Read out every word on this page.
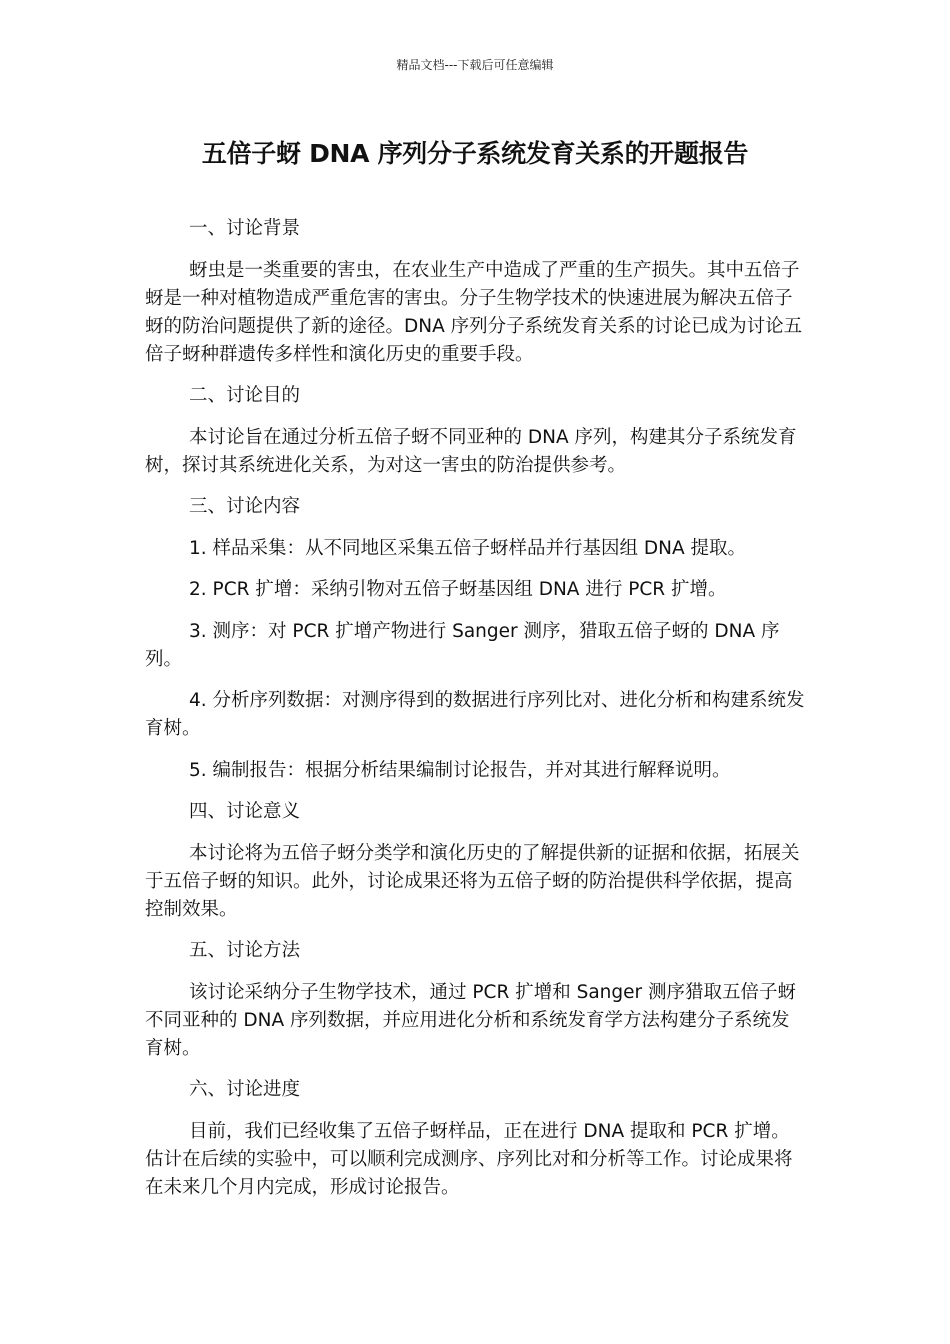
精品文档---下载后可任意编辑
五倍子蚜 DNA 序列分子系统发育关系的开题报告

一、讨论背景

蚜虫是一类重要的害虫，在农业生产中造成了严重的生产损失。其中五倍子蚜是一种对植物造成严重危害的害虫。分子生物学技术的快速进展为解决五倍子蚜的防治问题提供了新的途径。DNA 序列分子系统发育关系的讨论已成为讨论五倍子蚜种群遗传多样性和演化历史的重要手段。

二、讨论目的

本讨论旨在通过分析五倍子蚜不同亚种的 DNA 序列，构建其分子系统发育树，探讨其系统进化关系，为对这一害虫的防治提供参考。

三、讨论内容

1. 样品采集：从不同地区采集五倍子蚜样品并行基因组 DNA 提取。

2. PCR 扩增：采纳引物对五倍子蚜基因组 DNA 进行 PCR 扩增。

3. 测序：对 PCR 扩增产物进行 Sanger 测序，猎取五倍子蚜的 DNA 序列。

4. 分析序列数据：对测序得到的数据进行序列比对、进化分析和构建系统发育树。

5. 编制报告：根据分析结果编制讨论报告，并对其进行解释说明。

四、讨论意义

本讨论将为五倍子蚜分类学和演化历史的了解提供新的证据和依据，拓展关于五倍子蚜的知识。此外，讨论成果还将为五倍子蚜的防治提供科学依据，提高控制效果。

五、讨论方法

该讨论采纳分子生物学技术，通过 PCR 扩增和 Sanger 测序猎取五倍子蚜不同亚种的 DNA 序列数据，并应用进化分析和系统发育学方法构建分子系统发育树。

六、讨论进度

目前，我们已经收集了五倍子蚜样品，正在进行 DNA 提取和 PCR 扩增。估计在后续的实验中，可以顺利完成测序、序列比对和分析等工作。讨论成果将在未来几个月内完成，形成讨论报告。
